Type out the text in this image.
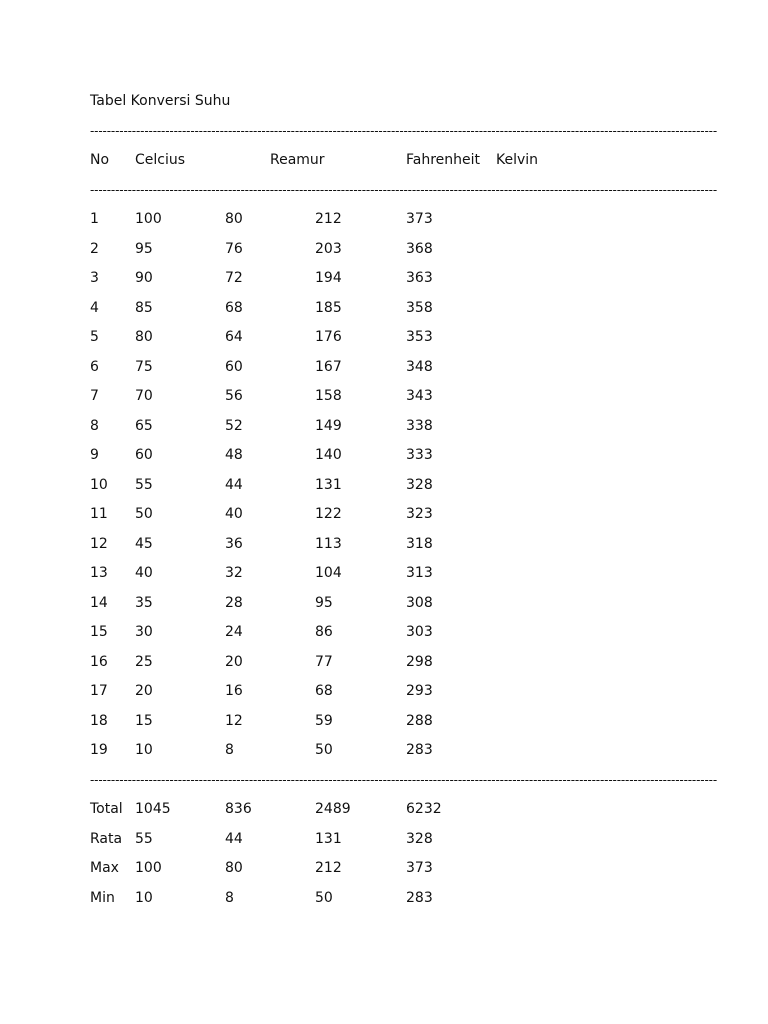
Tabel Konversi Suhu
------------------------------------------------------------------------------------------------------------------------------------------------------
No Celcius	Reamur	Fahrenheit Kelvin
------------------------------------------------------------------------------------------------------------------------------------------------------
1	100	80	212	373
2	95	76	203	368
3	90	72	194	363
4	85	68	185	358
5	80	64	176	353
6	75	60	167	348
7	70	56	158	343
8	65	52	149	338
9	60	48	140	333
10 55	44	131	328
11 50	40	122	323
12 45	36	113	318
13 40	32	104	313
14 35	28	95	308
15 30	24	86	303
16 25	20	77	298
17 20	16	68	293
18 15	12	59	288
19 10	8	50	283
------------------------------------------------------------------------------------------------------------------------------------------------------
Total 1045	836	2489	6232
Rata 55	44	131	328
Max 100	80	212	373
Min 10	8	50	283
